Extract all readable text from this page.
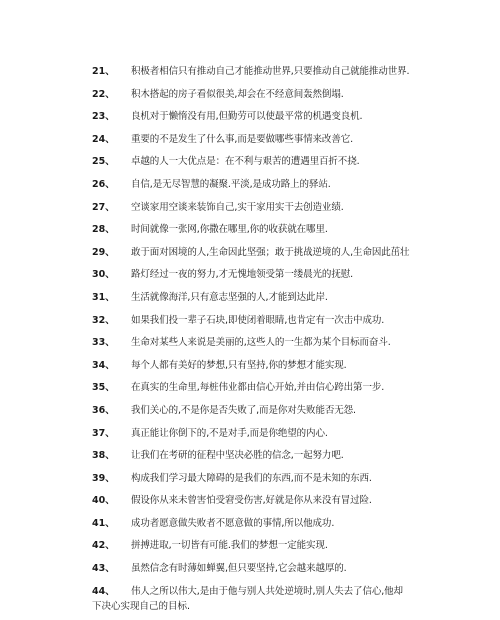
21、	积极者相信只有推动自己才能推动世界,只要推动自己就能推动世界.
22、	积木搭起的房子看似很美,却会在不经意间轰然倒塌.
23、	良机对于懒惰没有用,但勤劳可以使最平常的机遇变良机.
24、	重要的不是发生了什么事,而是要做哪些事情来改善它.
25、	卓越的人一大优点是：在不利与艰苦的遭遇里百折不挠.
26、	自信,是无尽智慧的凝聚.平淡,是成功路上的驿站.
27、	空谈家用空谈来装饰自己,实干家用实干去创造业绩.
28、	时间就像一张网,你撒在哪里,你的收获就在哪里.
29、	敢于面对困境的人,生命因此坚强；敢于挑战逆境的人,生命因此茁壮
30、	路灯经过一夜的努力,才无愧地领受第一缕晨光的抚慰.
31、	生活就像海洋,只有意志坚强的人,才能到达此岸.
32、	如果我们投一辈子石块,即使闭着眼睛,也肯定有一次击中成功.
33、	生命对某些人来说是美丽的,这些人的一生都为某个目标而奋斗.
34、	每个人都有美好的梦想,只有坚持,你的梦想才能实现.
35、	在真实的生命里,每桩伟业都由信心开始,并由信心跨出第一步.
36、	我们关心的,不是你是否失败了,而是你对失败能否无怨.
37、	真正能让你倒下的,不是对手,而是你绝望的内心.
38、	让我们在考研的征程中坚决必胜的信念,一起努力吧.
39、	构成我们学习最大障碍的是我们的东西,而不是未知的东西.
40、	假设你从来未曾害怕受窘受伤害,好就是你从来没有冒过险.
41、	成功者愿意做失败者不愿意做的事情,所以他成功.
42、	拼搏进取,一切皆有可能.我们的梦想一定能实现.
43、	虽然信念有时薄如蝉翼,但只要坚持,它会越来越厚的.
44、	伟人之所以伟大,是由于他与别人共处逆境时,别人失去了信心,他却
下决心实现自己的目标.
